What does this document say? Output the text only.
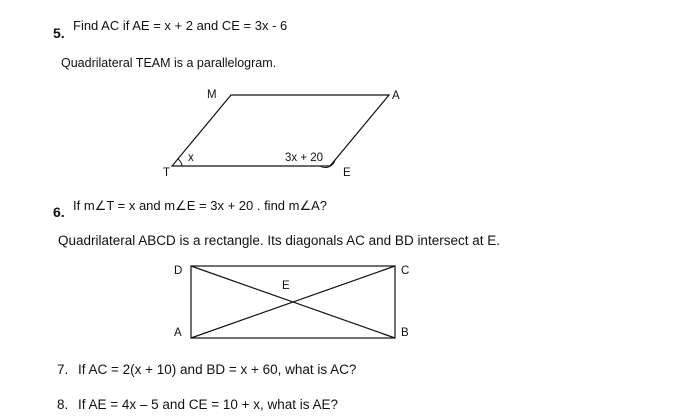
5. Find AC if AE = x + 2 and CE = 3x - 6
Quadrilateral TEAM is a parallelogram.
M	A
T	E
x	3x + 20
D	C
E
A	B
6. If m∠T = x and m∠E = 3x + 20 . find m∠A?
Quadrilateral ABCD is a rectangle. Its diagonals AC and BD intersect at E.
7. If AC = 2(x + 10) and BD = x + 60, what is AC?
8. If AE = 4x – 5 and CE = 10 + x, what is AE?
